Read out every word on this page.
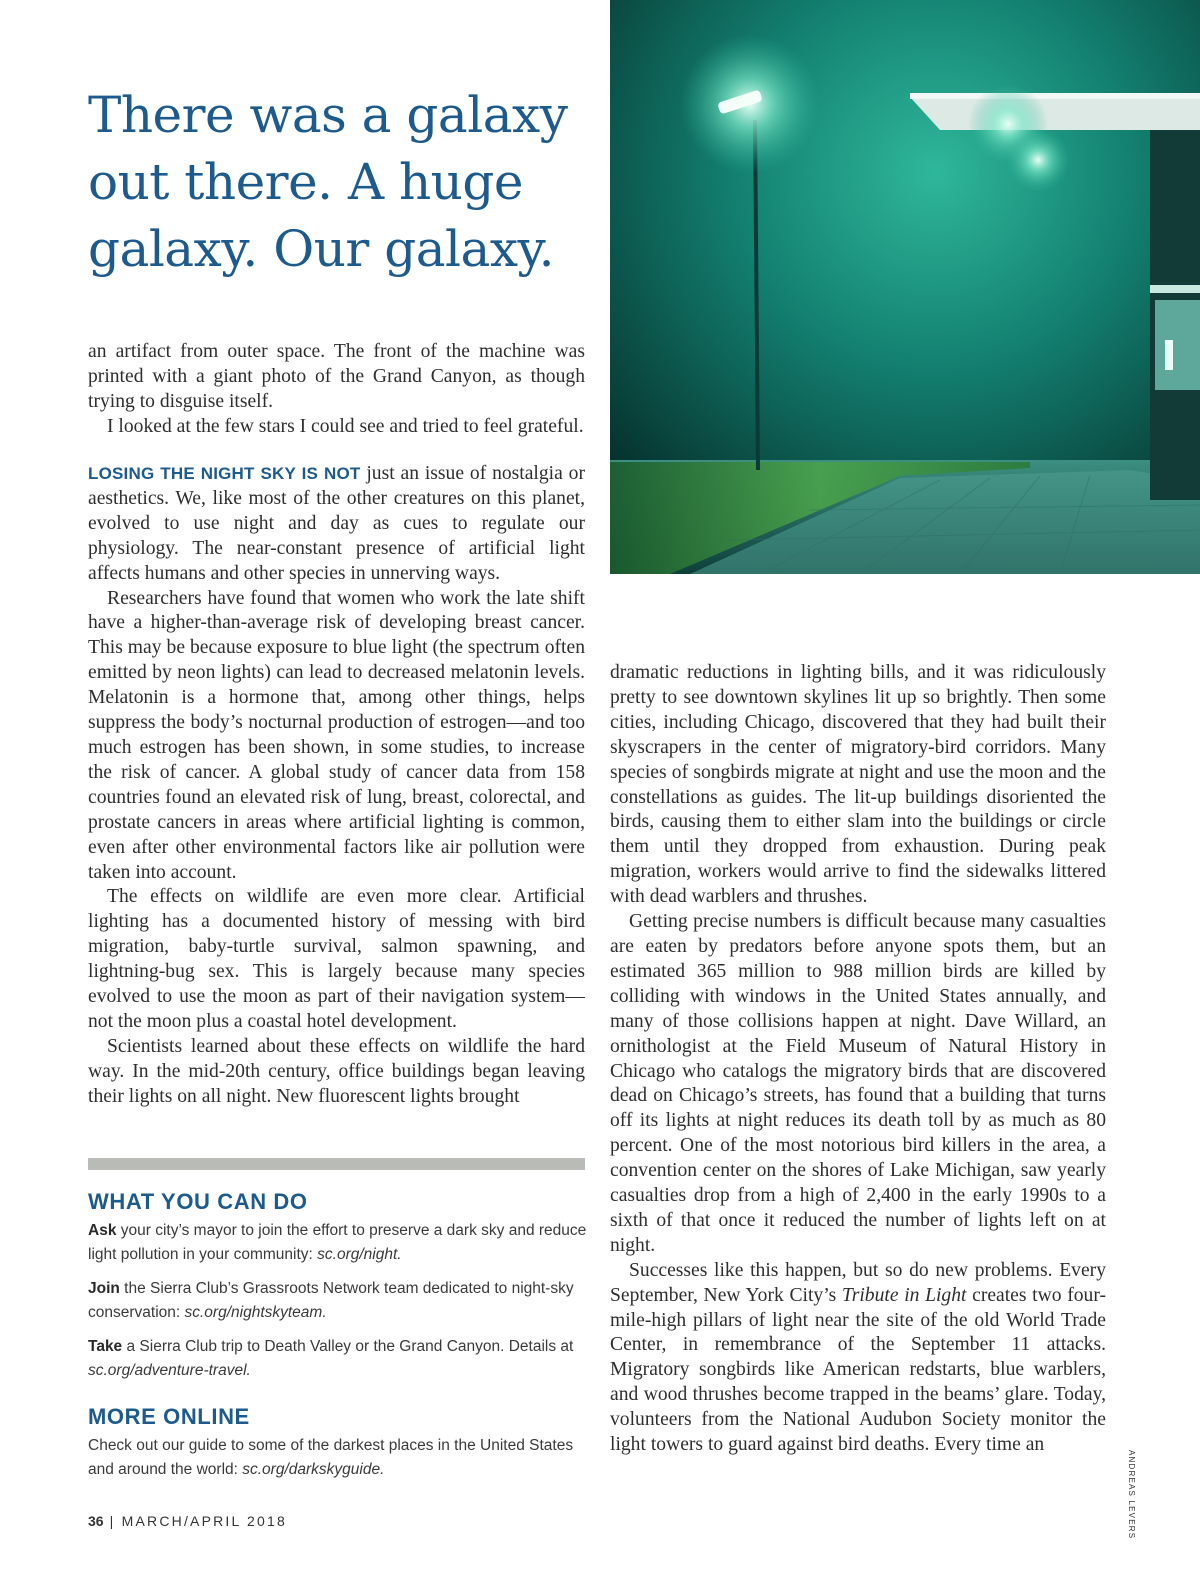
There was a galaxy out there. A huge galaxy. Our galaxy.

an artifact from outer space. The front of the machine was printed with a giant photo of the Grand Canyon, as though trying to disguise itself.

I looked at the few stars I could see and tried to feel grateful.

LOSING THE NIGHT SKY IS NOT just an issue of nostalgia or aesthetics. We, like most of the other creatures on this planet, evolved to use night and day as cues to regulate our physiology. The near-constant presence of artificial light affects humans and other species in unnerving ways.

Researchers have found that women who work the late shift have a higher-than-average risk of developing breast cancer. This may be because exposure to blue light (the spectrum often emitted by neon lights) can lead to decreased melatonin levels. Melatonin is a hormone that, among other things, helps suppress the body’s nocturnal production of estrogen—and too much estrogen has been shown, in some studies, to increase the risk of cancer. A global study of cancer data from 158 countries found an elevated risk of lung, breast, colorectal, and prostate cancers in areas where artificial lighting is common, even after other environmental factors like air pollution were taken into account.

The effects on wildlife are even more clear. Artificial lighting has a documented history of messing with bird migration, baby-turtle survival, salmon spawning, and lightning-bug sex. This is largely because many species evolved to use the moon as part of their navigation system—not the moon plus a coastal hotel development.

Scientists learned about these effects on wildlife the hard way. In the mid-20th century, office buildings began leaving their lights on all night. New fluorescent lights brought

dramatic reductions in lighting bills, and it was ridiculously pretty to see downtown skylines lit up so brightly. Then some cities, including Chicago, discovered that they had built their skyscrapers in the center of migratory-bird corridors. Many species of songbirds migrate at night and use the moon and the constellations as guides. The lit-up buildings disoriented the birds, causing them to either slam into the buildings or circle them until they dropped from exhaustion. During peak migration, workers would arrive to find the sidewalks littered with dead warblers and thrushes.

Getting precise numbers is difficult because many casualties are eaten by predators before anyone spots them, but an estimated 365 million to 988 million birds are killed by colliding with windows in the United States annually, and many of those collisions happen at night. Dave Willard, an ornithologist at the Field Museum of Natural History in Chicago who catalogs the migratory birds that are discovered dead on Chicago’s streets, has found that a building that turns off its lights at night reduces its death toll by as much as 80 percent. One of the most notorious bird killers in the area, a convention center on the shores of Lake Michigan, saw yearly casualties drop from a high of 2,400 in the early 1990s to a sixth of that once it reduced the number of lights left on at night.

Successes like this happen, but so do new problems. Every September, New York City’s Tribute in Light creates two four-mile-high pillars of light near the site of the old World Trade Center, in remembrance of the September 11 attacks. Migratory songbirds like American redstarts, blue warblers, and wood thrushes become trapped in the beams’ glare. Today, volunteers from the National Audubon Society monitor the light towers to guard against bird deaths. Every time an

WHAT YOU CAN DO

Ask your city’s mayor to join the effort to preserve a dark sky and reduce light pollution in your community: sc.org/night.

Join the Sierra Club’s Grassroots Network team dedicated to night-sky conservation: sc.org/nightskyteam.

Take a Sierra Club trip to Death Valley or the Grand Canyon. Details at sc.org/adventure-travel.

MORE ONLINE

Check out our guide to some of the darkest places in the United States and around the world: sc.org/darkskyguide.

36 | MARCH/APRIL 2018	ANDREAS LEVERS
